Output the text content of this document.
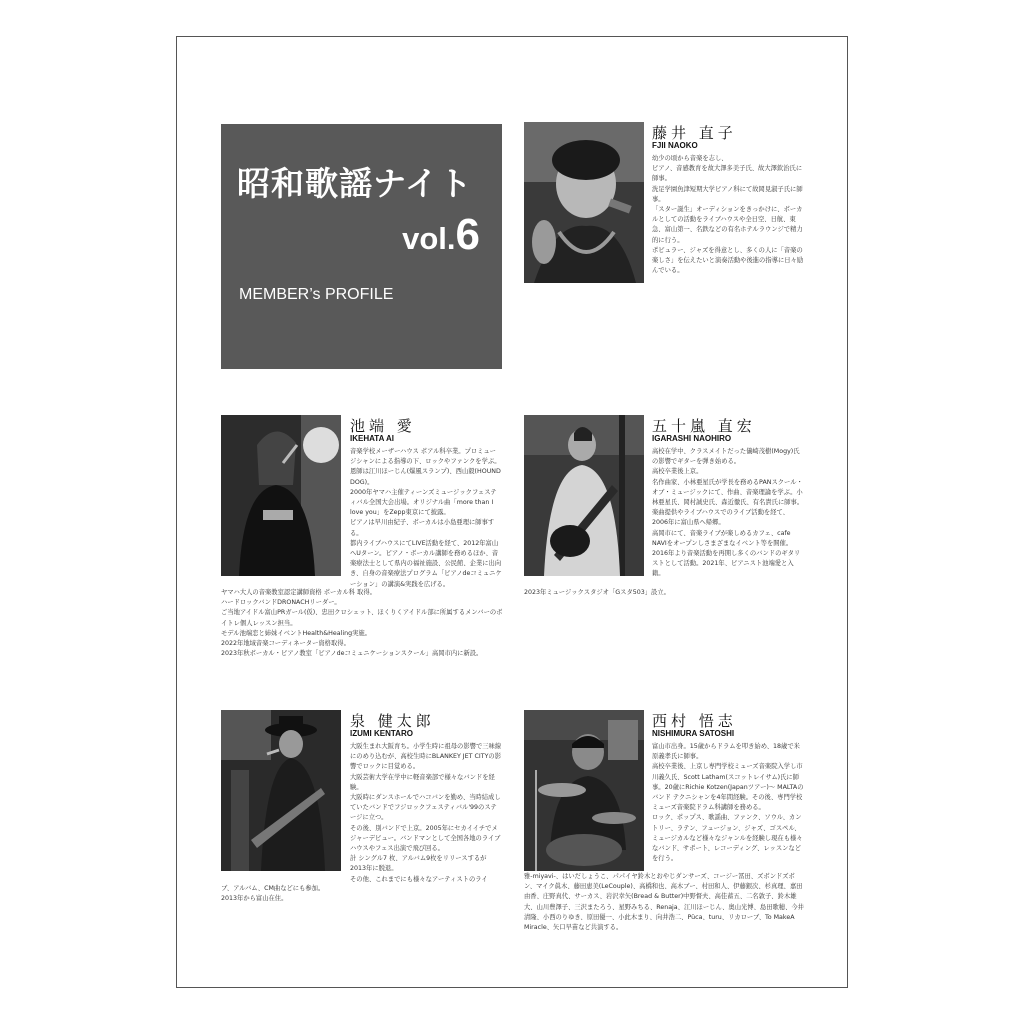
昭和歌謡ナイト
vol.6
MEMBER’s PROFILE
藤井 直子
FJII NAOKO

幼少の頃から音楽を志し、

ピアノ、音感教育を故大澤多美子氏、故大澤欽治氏に師事。

洗足学園魚津短期大学ピアノ科にて故岡見淑子氏に師事。

「スター誕生」オーディションをきっかけに、ボーカルとしての活動をライブハウスや全日空、日航、東急、富山第一、名鉄などの有名ホテルラウンジで精力的に行う。

ポピュラー、ジャズを得意とし、多くの人に「音楽の楽しさ」を伝えたいと演奏活動や後進の指導に日々励んでいる。

池端 愛
IKEHATA AI

音楽学校メーザーハウス ボアル科卒業。プロミュージシャンによる指導の下、ロックやファンクを学ぶ。恩師は江川ほーじん(爆風スランプ)、西山毅(HOUND DOG)。

2000年ヤマハ主催ティーンズミュージックフェスティバル全国大会出場。オリジナル曲「more than I love you」をZepp東京にて披露。

ピアノは早川由紀子、ボーカルは小島亜理に師事する。

都内ライブハウスにてLIVE活動を経て、2012年富山へUターン。ピアノ・ボーカル講師を務めるほか、音楽療法士として県内の福祉施設、公民館、企業に出向き、自身の音楽療法プログラム「ピアノdeコミュニケーション」の講演&実践を広げる。

ヤマハ大人の音楽教室認定講師資格 ボーカル科 取得。

ハードロックバンドDRONACHリーダー。

ご当地アイドル富山PRガール(仮)、忠田クロシェット、ほくりくアイドル部に所属するメンバーのボイトレ個人レッスン担当。

モデル池端恋と姉妹イベントHealth&Healing実施。

2022年地域音楽コーディネーター資格取得。

2023年秋ボーカル・ピアノ教室「ピアノdeコミュニケーションスクール」高岡市内に新設。

五十嵐 直宏
IGARASHI NAOHIRO

高校在学中、クラスメイトだった儀崎茂樹(Mogy)氏の影響でギターを弾き始める。

高校卒業後上京。

名作曲家、小林亜星氏が学長を務めるPANスクール・オブ・ミュージックにて、作曲、音楽理論を学ぶ。小林亜星氏、岡村誠史氏、森近徹氏、有名貴氏に師事。

楽曲提供やライブハウスでのライブ活動を経て、2006年に富山県へ帰郷。

高岡市にて、音楽ライブが楽しめるカフェ、cafe NAVIをオープンしさまざまなイベント等を開催。

2016年より音楽活動を再開し多くのバンドのギタリストとして活動。2021年、ピアニスト池端愛と入籍。

2023年ミュージックスタジオ「Gスタ503」設立。

泉 健太郎
IZUMI KENTARO

大阪生まれ大阪育ち。小学生時に祖母の影響で三味線にのめり込むが、高校生時にBLANKEY JET CITYの影響でロックに目覚める。

大阪芸術大学在学中に軽音楽部で様々なバンドを経験。

大阪時にダンスホールでハコバンを勤め、当時結成していたバンドでフジロックフェスティバル'99のステージに立つ。

その後、別バンドで上京。2005年にセカイイチでメジャーデビュー。バンドマンとして全国各地のライブハウスやフェス出演で飛び回る。

計 シングル7 枚、アルバム9枚をリリースするが2013年に脱退。

その他、これまでにも様々なアーティストのライ

ブ、アルバム、CM曲などにも参加。

2013年から富山在住。

西村 悟志
NISHIMURA SATOSHI

富山市出身。15歳からドラムを叩き始め、18歳で米原義孝氏に師事。

高校卒業後、上京し専門学校ミューズ音楽院入学し市川義久氏、Scott Latham(スコットレイサム)氏に師事。20歳にRichie Kotzen(Japanツアー)～ MALTAのバンド テクニシャンを4年間経験。その後、専門学校ミューズ音楽院ドラム科講師を務める。

ロック、ポップス、歌謡曲、ファンク、ソウル、カントリー、ラテン、フュージョン、ジャズ、ゴスペル、ミュージカルなど様々なジャンルを経験し現在も様々なバンド、サポート、レコーディング、レッスンなどを行う。

雅-miyavi-、はいだしょうこ、パパイヤ鈴木とおやじダンサーズ、コージー冨田、ズボンドズボン、マイク眞木、藤田恵美(LeCouple)、高橋和也、高木ブー、村田和人、伊藤銀次、杉真理、嘉田由香、庄野真代、サーカス、岩沢幸矢(Bread & Butter)中野督夫、高佳蓄五、二名敦子、鈴木雄大、山川豊澤子、三沢またろう、星野みちる、Renaja、江川ほーじん、奥山光博、島田歌穂、今井清隆、小西のりゆき、原田優一、小此木まり、向井浩二、Püca、turu、リカローブ、To MakeA Miracle、矢口早苗など共演する。
